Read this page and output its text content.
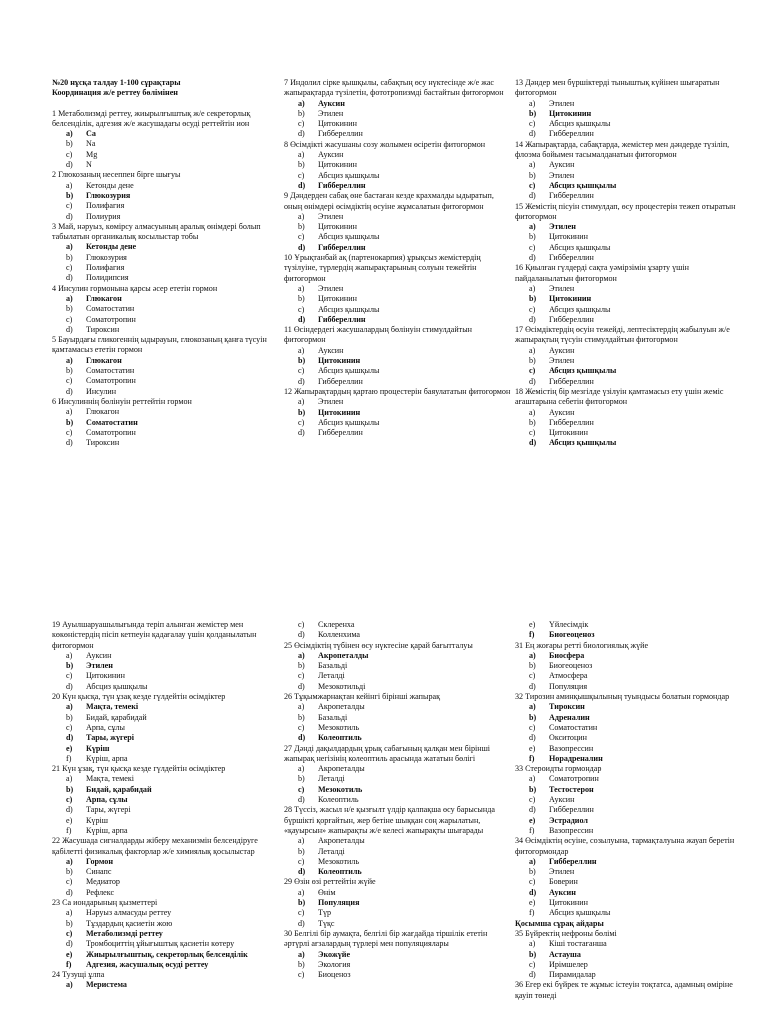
№20 нұсқа талдау 1-100 сұрақтары

Координация ж/е реттеу бөлімінен

1 Метаболизмді реттеу, жиырылғыштық ж/е секреторлық белсенділік, адгезия ж/е жасушадағы өсуді реттейтін ион

a)	Ca
b)	Na
c)	Mg
d)	N

2 Глюкозаның несеппен бірге шығуы

a)	Кетонды дене
b)	Глюкозурия
c)	Полифагия
d)	Полиурия

3 Май, нәруыз, көмірсу алмасуының аралық өнімдері болып табылатын органикалық косылыстар тобы

a)	Кетонды дене
b)	Глюкозурия
c)	Полифагия
d)	Полидипсия

4 Инсулин гормонына қарсы әсер ететін гормон

a)	Глюкагон
b)	Соматостатин
c)	Соматотропин
d)	Тироксин

5 Бауырдағы гликогеннің ыдырауын, глюкозаның қанға түсуін қамтамасыз ететін гормон

a)	Глюкагон
b)	Соматостатин
c)	Соматотропин
d)	Инсулин

6 Инсулиннің бөлінуін реттейтін гормон

a)	Глюкагон
b)	Соматостатин
c)	Соматотропин
d)	Тироксин

7 Индолил сірке қышқылы, сабақтың өсу нүктесінде ж/е жас жапырақтарда түзілетін, фототропизмді бастайтын фитогормон

a)	Ауксин
b)	Этилен
c)	Цитокинин
d)	Гиббереллин

8 Өсімдікті жасушаны созу жолымен өсіретін фитогормон

a)	Ауксин
b)	Цитокинин
c)	Абсциз қышқылы
d)	Гиббереллин

9 Дәндерден сабақ өне бастаған кезде крахмалды ыдыратып, оның өнімдері өсімдіктің өсуіне жұмсалатын фитогормон

a)	Этилен
b)	Цитокинин
c)	Абсциз қышқылы
d)	Гиббереллин

10 Ұрықтанбай ақ (партенокарпия) ұрықсыз жемістердің түзілуіне, түрлердің жапырақтарының солуын тежейтін фитогормон

a)	Этилен
b)	Цитокинин
c)	Абсциз қышқылы
d)	Гиббереллин

11 Өсіндердегі жасушалардың бөлінуін стимулдайтын фитогормон

a)	Ауксин
b)	Цитокинин
c)	Абсциз қышқылы
d)	Гиббереллин

12 Жапырақтардың қартаю процестерін баяулататын фитогормон

a)	Этилен
b)	Цитокинин
c)	Абсциз қышқылы
d)	Гиббереллин

13 Дәндер мен бүршіктерді тыныштық күйінен шығаратын фитогормон

a)	Этилен
b)	Цитокинин
c)	Абсциз қышқылы
d)	Гиббереллин

14 Жапырақтарда, сабақтарда, жемістер мен дәндерде түзіліп, флоэма бойымен тасымалданатын фитогормон

a)	Ауксин
b)	Этилен
c)	Абсциз қышқылы
d)	Гиббереллин

15 Жемістің пісуін стимулдап, өсу процестерін тежеп отыратын фитогормон

a)	Этилен
b)	Цитокинин
c)	Абсциз қышқылы
d)	Гиббереллин

16 Қиылған гүлдерді сақта уәмірзімін ұзарту үшін пайдаланылатын фитогормон

a)	Этилен
b)	Цитокинин
c)	Абсциз қышқылы
d)	Гиббереллин

17 Өсімдіктердің өсуін тежейді, лептесіктердің жабылуын ж/е жапырақтың түсуін стимулдайтын фитогормон

a)	Ауксин
b)	Этилен
c)	Абсциз қышқылы
d)	Гиббереллин

18 Жемістің бір мезгілде үзілуін қамтамасыз ету үшін жеміс ағаштарына себетін фитогормон

a)	Ауксин
b)	Гиббереллин
c)	Цитокинин
d)	Абсциз қышқылы

19 Ауылшаруашылығында теріп алынған жемістер мен көкөністердің пісіп кетпеуін қадағалау үшін қолданылатын фитогормон

a)	Ауксин
b)	Этилен
c)	Цитокинин
d)	Абсциз қышқылы

20 Күн қысқа, түн ұзақ кезде гүлдейтін өсімдіктер

a)	Мақта, темекі
b)	Бидай, қарабидай
c)	Арпа, сұлы
d)	Тары, жүгері
e)	Күріш
f)	Күріш, арпа

21 Күн ұзақ, түн қысқа кезде гүлдейтін өсімдіктер

a)	Мақта, темекі
b)	Бидай, қарабидай
c)	Арпа, сұлы
d)	Тары, жүгері
e)	Күріш
f)	Күріш, арпа

22 Жасушада сигналдарды жіберу механизмін белсендіруге қабілетті физикалық факторлар ж/е химиялық қосылыстар

a)	Гормон
b)	Синапс
c)	Медиатор
d)	Рефлекс

23 Са иондарының қызметтері

a)	Нәруыз алмасуды реттеу
b)	Тұздардың қасиетін жою
c)	Метаболизмді реттеу
d)	Тромбоциттің ұйығыштық қасиетін көтеру
e)	Жиырылғыштық, секреторлық белсенділік
f)	Адгезия, жасушалық өсуді реттеу

24 Тузущі ұлпа

a)	Меристема
c)	Склеренха
d)	Колленхима

25 Өсімдіктің түбінен өсу нүктесіне қарай бағытталуы

a)	Акропеталды
b)	Базальді
c)	Леталді
d)	Мезокотильді

26 Тұқымжарнақтан кейінгі бірінші жапырақ

a)	Акропеталды
b)	Базальді
c)	Мезокотиль
d)	Колеоптиль

27 Дәнді дақылдардың ұрық сабағының қалқан мен бірінші жапырақ негізінің колеоптиль арасында жататын бөлігі

a)	Акропеталды
b)	Леталді
c)	Мезокотиль
d)	Колеоптиль

28 Түссіз, жасыл н/е қызғылт үлдір қалпақша өсу барысында бүршікті қорғайтын, жер бетіне шыққан соң жарылатын, «қауырсын» жапырақты ж/е келесі жапырақты шығарады

a)	Акропеталды
b)	Леталді
c)	Мезокотиль
d)	Колеоптиль

29 Өзін өзі реттейтін жүйе

a)	Өнім
b)	Популяция
c)	Түр
d)	Түқс

30 Белгілі бір аумақта, белгілі бір жағдайда тіршілік ететін әртүрлі ағзалардың түрлері мен популяциялары

a)	Экожүйе
b)	Экология
c)	Биоценоз
e)	Үйлесімдік
f)	Биогеоценоз

31 Ең жоғары ретті биологиялық жүйе

a)	Биосфера
b)	Биогеоценоз
c)	Атмосфера
d)	Популяция

32 Тирозин аминқышқылының туындысы болатын гормондар

a)	Тироксин
b)	Адреналин
c)	Соматостатин
d)	Окситоцин
e)	Вазопрессин
f)	Норадреналин

33 Стероидты гормондар

a)	Соматотропин
b)	Тестостерон
c)	Ауксин
d)	Гиббереллин
e)	Эстрадиол
f)	Вазопрессин

34 Өсімдіктің өсуіне, созылуына, тармақталуына жауап беретін фитогормондар

a)	Гиббереллин
b)	Этилен
c)	Боверин
d)	Ауксин
e)	Цитокинин
f)	Абсциз қышқылы

Қосымша сұрақ айдары

35 Бүйректің нефроны бөлімі

a)	Кіші тостағанша
b)	Астауша
c)	Ирімшелер
d)	Пирамидалар

36 Егер екі бүйрек те жұмыс істеуін тоқтатса, адамның өміріне қауіп төнеді
